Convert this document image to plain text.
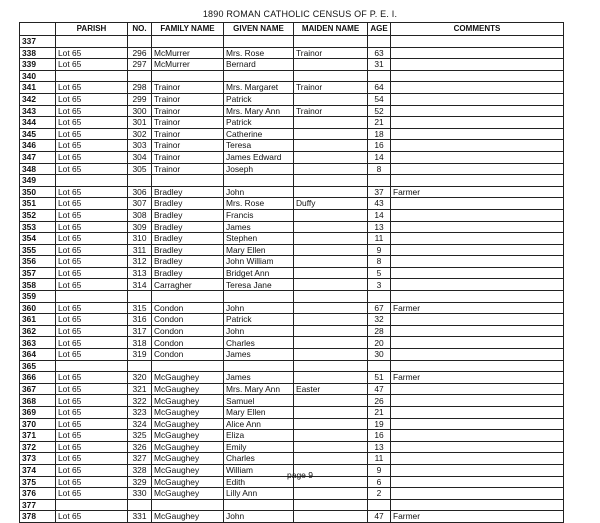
1890 ROMAN CATHOLIC CENSUS OF P. E. I.
	PARISH	NO.	FAMILY NAME	GIVEN NAME	MAIDEN NAME	AGE	COMMENTS
337							
338	Lot 65	296	McMurrer	Mrs. Rose	Trainor	63	
339	Lot 65	297	McMurrer	Bernard		31	
340							
341	Lot 65	298	Trainor	Mrs. Margaret	Trainor	64	
342	Lot 65	299	Trainor	Patrick		54	
343	Lot 65	300	Trainor	Mrs. Mary Ann	Trainor	52	
344	Lot 65	301	Trainor	Patrick		21	
345	Lot 65	302	Trainor	Catherine		18	
346	Lot 65	303	Trainor	Teresa		16	
347	Lot 65	304	Trainor	James Edward		14	
348	Lot 65	305	Trainor	Joseph		8	
349							
350	Lot 65	306	Bradley	John		37	Farmer
351	Lot 65	307	Bradley	Mrs. Rose	Duffy	43	
352	Lot 65	308	Bradley	Francis		14	
353	Lot 65	309	Bradley	James		13	
354	Lot 65	310	Bradley	Stephen		11	
355	Lot 65	311	Bradley	Mary Ellen		9	
356	Lot 65	312	Bradley	John William		8	
357	Lot 65	313	Bradley	Bridget Ann		5	
358	Lot 65	314	Carragher	Teresa Jane		3	
359							
360	Lot 65	315	Condon	John		67	Farmer
361	Lot 65	316	Condon	Patrick		32	
362	Lot 65	317	Condon	John		28	
363	Lot 65	318	Condon	Charles		20	
364	Lot 65	319	Condon	James		30	
365							
366	Lot 65	320	McGaughey	James		51	Farmer
367	Lot 65	321	McGaughey	Mrs. Mary Ann	Easter	47	
368	Lot 65	322	McGaughey	Samuel		26	
369	Lot 65	323	McGaughey	Mary Ellen		21	
370	Lot 65	324	McGaughey	Alice Ann		19	
371	Lot 65	325	McGaughey	Eliza		16	
372	Lot 65	326	McGaughey	Emily		13	
373	Lot 65	327	McGaughey	Charles		11	
374	Lot 65	328	McGaughey	William		9	
375	Lot 65	329	McGaughey	Edith		6	
376	Lot 65	330	McGaughey	Lilly Ann		2	
377							
378	Lot 65	331	McGaughey	John		47	Farmer
page 9
